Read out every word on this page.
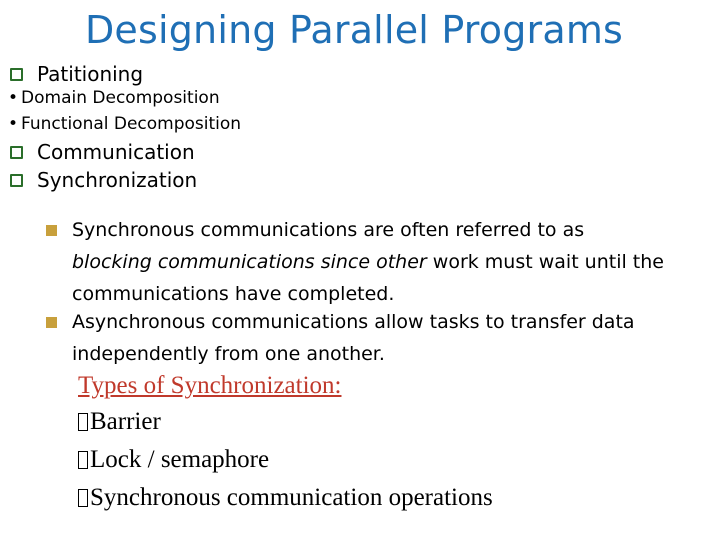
Designing Parallel Programs
Patitioning
• Domain Decomposition
• Functional Decomposition
Communication
Synchronization
Synchronous communications are often referred to as
blocking communications since other work must wait until the
communications have completed.
Asynchronous communications allow tasks to transfer data
independently from one another.
Types of Synchronization:
Barrier
Lock / semaphore
Synchronous communication operations
